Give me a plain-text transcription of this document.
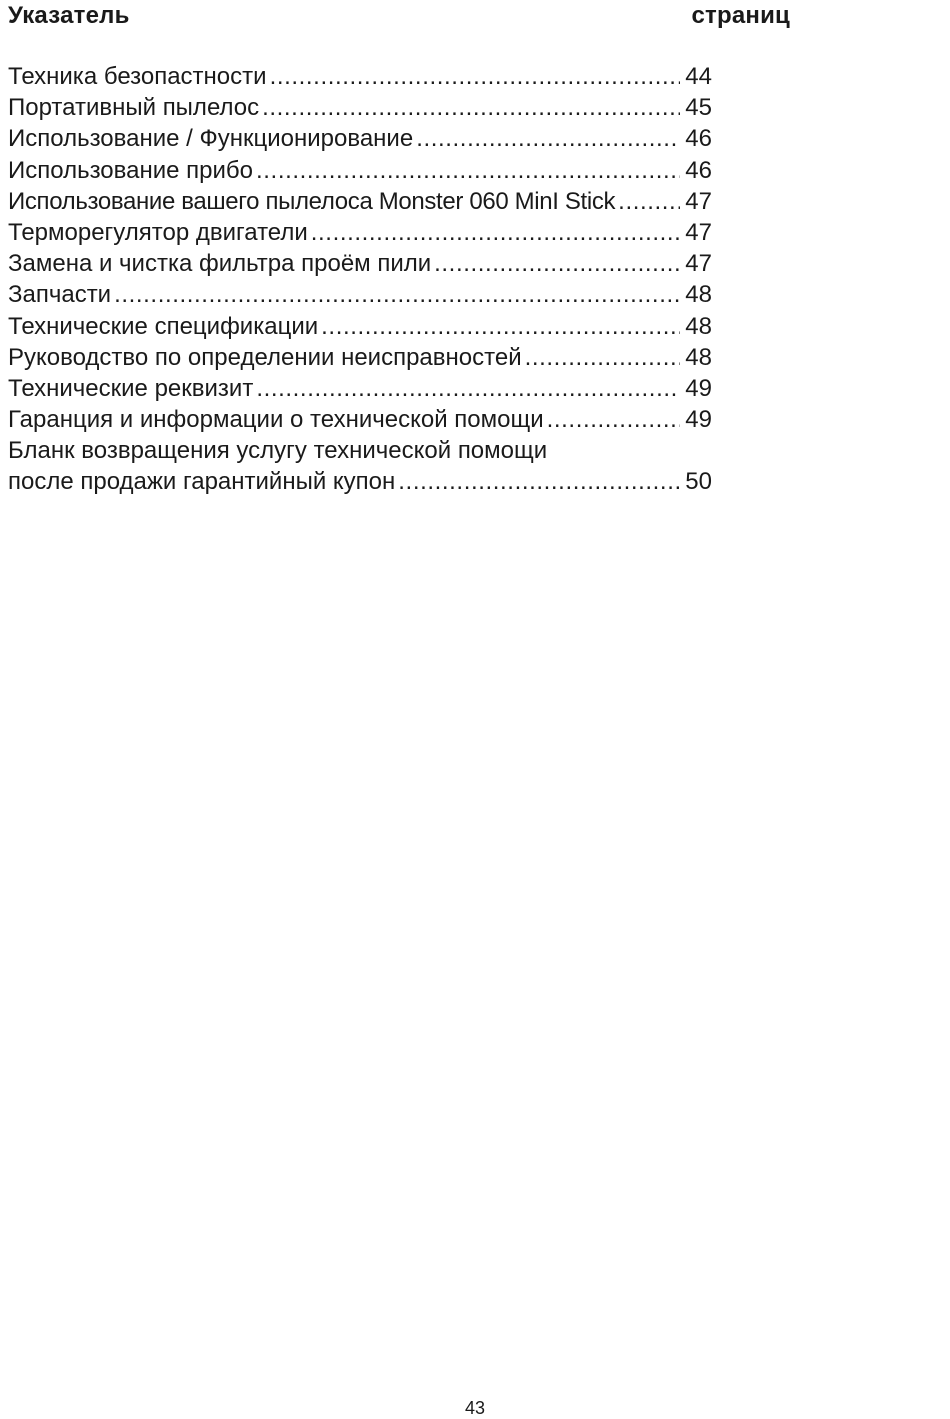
Указатель	страниц
Техника безопастности .....	44
Портативный пылелос .....	45
Использование / Функционирование .....	46
Использование прибо .....	46
Использование вашего пылелоса Monster 060 MinI Stick .....	47
Терморегулятор двигатели .....	47
Замена и чистка фильтра проём пили .....	47
Запчасти .....	48
Технические спецификации .....	48
Руководство по определении неисправностей .....	48
Технические реквизит .....	49
Гаранция и информации о технической помощи .....	49
Бланк возвращения услугу технической помощи
после продажи гарантийный купон .....	50
43
